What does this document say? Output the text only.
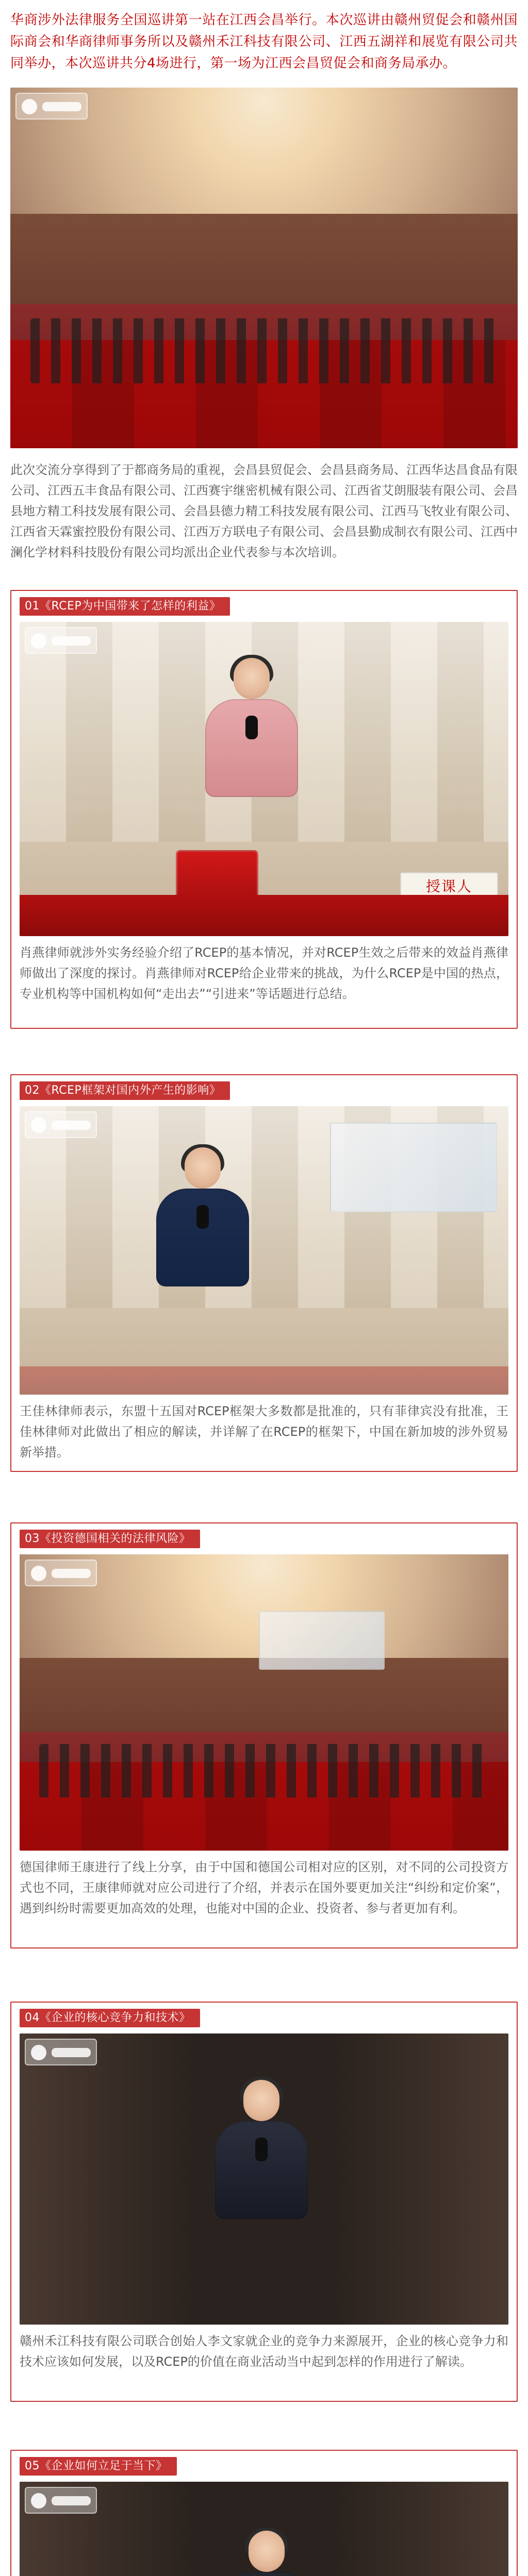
华商涉外法律服务全国巡讲第一站在江西会昌举行。本次巡讲由赣州贸促会和赣州国际商会和华商律师事务所以及赣州禾江科技有限公司、江西五湖祥和展览有限公司共同举办，本次巡讲共分4场进行，第一场为江西会昌贸促会和商务局承办。

此次交流分享得到了于都商务局的重视，会昌县贸促会、会昌县商务局、江西华达昌食品有限公司、江西五丰食品有限公司、江西赛宇继密机械有限公司、江西省艾朗服装有限公司、会昌县地方精工科技发展有限公司、会昌县德力精工科技发展有限公司、江西马飞牧业有限公司、江西省天霖蜜控股份有限公司、江西万方联电子有限公司、会昌县勤成制衣有限公司、江西中澜化学材料科技股份有限公司均派出企业代表参与本次培训。

01《RCEP为中国带来了怎样的利益》
授课人

肖燕律师就涉外实务经验介绍了RCEP的基本情况，并对RCEP生效之后带来的效益肖燕律师做出了深度的探讨。肖燕律师对RCEP给企业带来的挑战，为什么RCEP是中国的热点，专业机构等中国机构如何“走出去”“引进来”等话题进行总结。

02《RCEP框架对国内外产生的影响》

王佳林律师表示，东盟十五国对RCEP框架大多数都是批准的，只有菲律宾没有批准，王佳林律师对此做出了相应的解读，并详解了在RCEP的框架下，中国在新加坡的涉外贸易新举措。

03《投资德国相关的法律风险》

德国律师王康进行了线上分享，由于中国和德国公司相对应的区别，对不同的公司投资方式也不同，王康律师就对应公司进行了介绍，并表示在国外要更加关注“纠纷和定价案”，遇到纠纷时需要更加高效的处理，也能对中国的企业、投资者、参与者更加有利。

04《企业的核心竞争力和技术》

赣州禾江科技有限公司联合创始人李文家就企业的竞争力来源展开，企业的核心竞争力和技术应该如何发展，以及RCEP的价值在商业活动当中起到怎样的作用进行了解读。

05《企业如何立足于当下》
